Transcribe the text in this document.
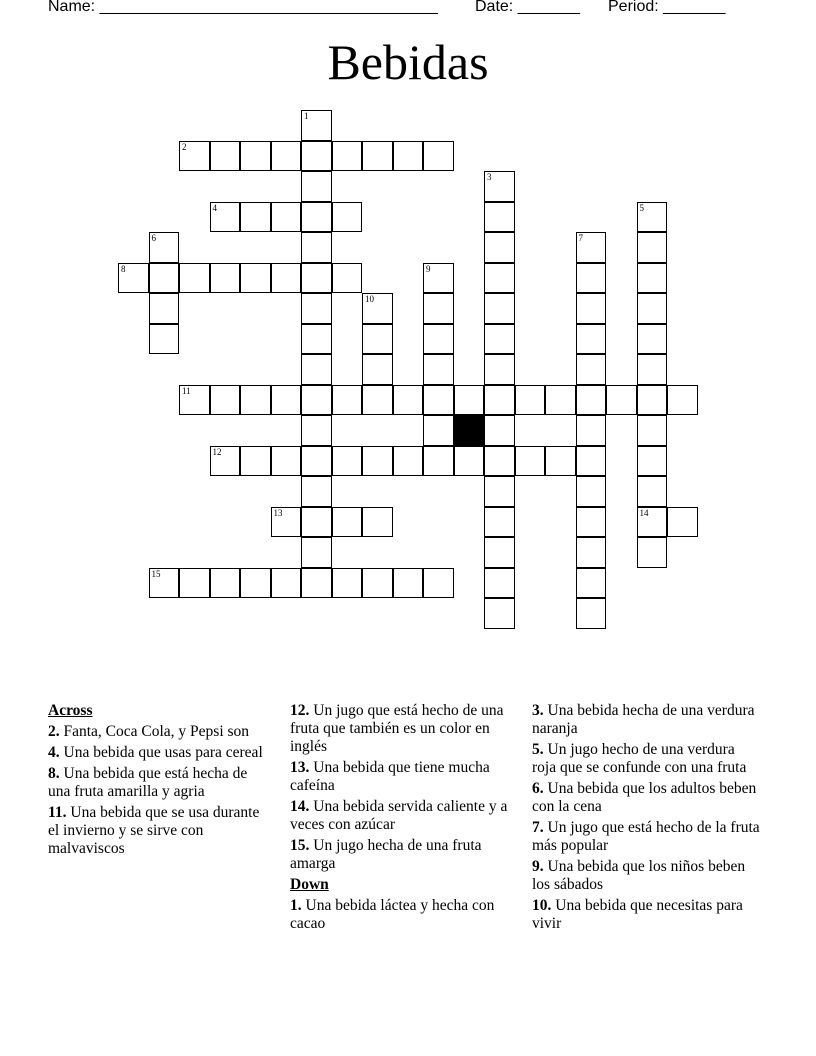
Name: ______________________________________ Date: _______ Period: _______
Bebidas
1
2
3
4	5
6	7
8	9
10
11
12
13	14
15
Across
2. Fanta, Coca Cola, y Pepsi son
4. Una bebida que usas para cereal
8. Una bebida que está hecha de una fruta amarilla y agria
11. Una bebida que se usa durante el invierno y se sirve con malvaviscos
12. Un jugo que está hecho de una fruta que también es un color en inglés
13. Una bebida que tiene mucha cafeína
14. Una bebida servida caliente y a veces con azúcar
15. Un jugo hecha de una fruta amarga
Down
1. Una bebida láctea y hecha con cacao
3. Una bebida hecha de una verdura naranja
5. Un jugo hecho de una verdura roja que se confunde con una fruta
6. Una bebida que los adultos beben con la cena
7. Un jugo que está hecho de la fruta más popular
9. Una bebida que los niños beben los sábados
10. Una bebida que necesitas para vivir
